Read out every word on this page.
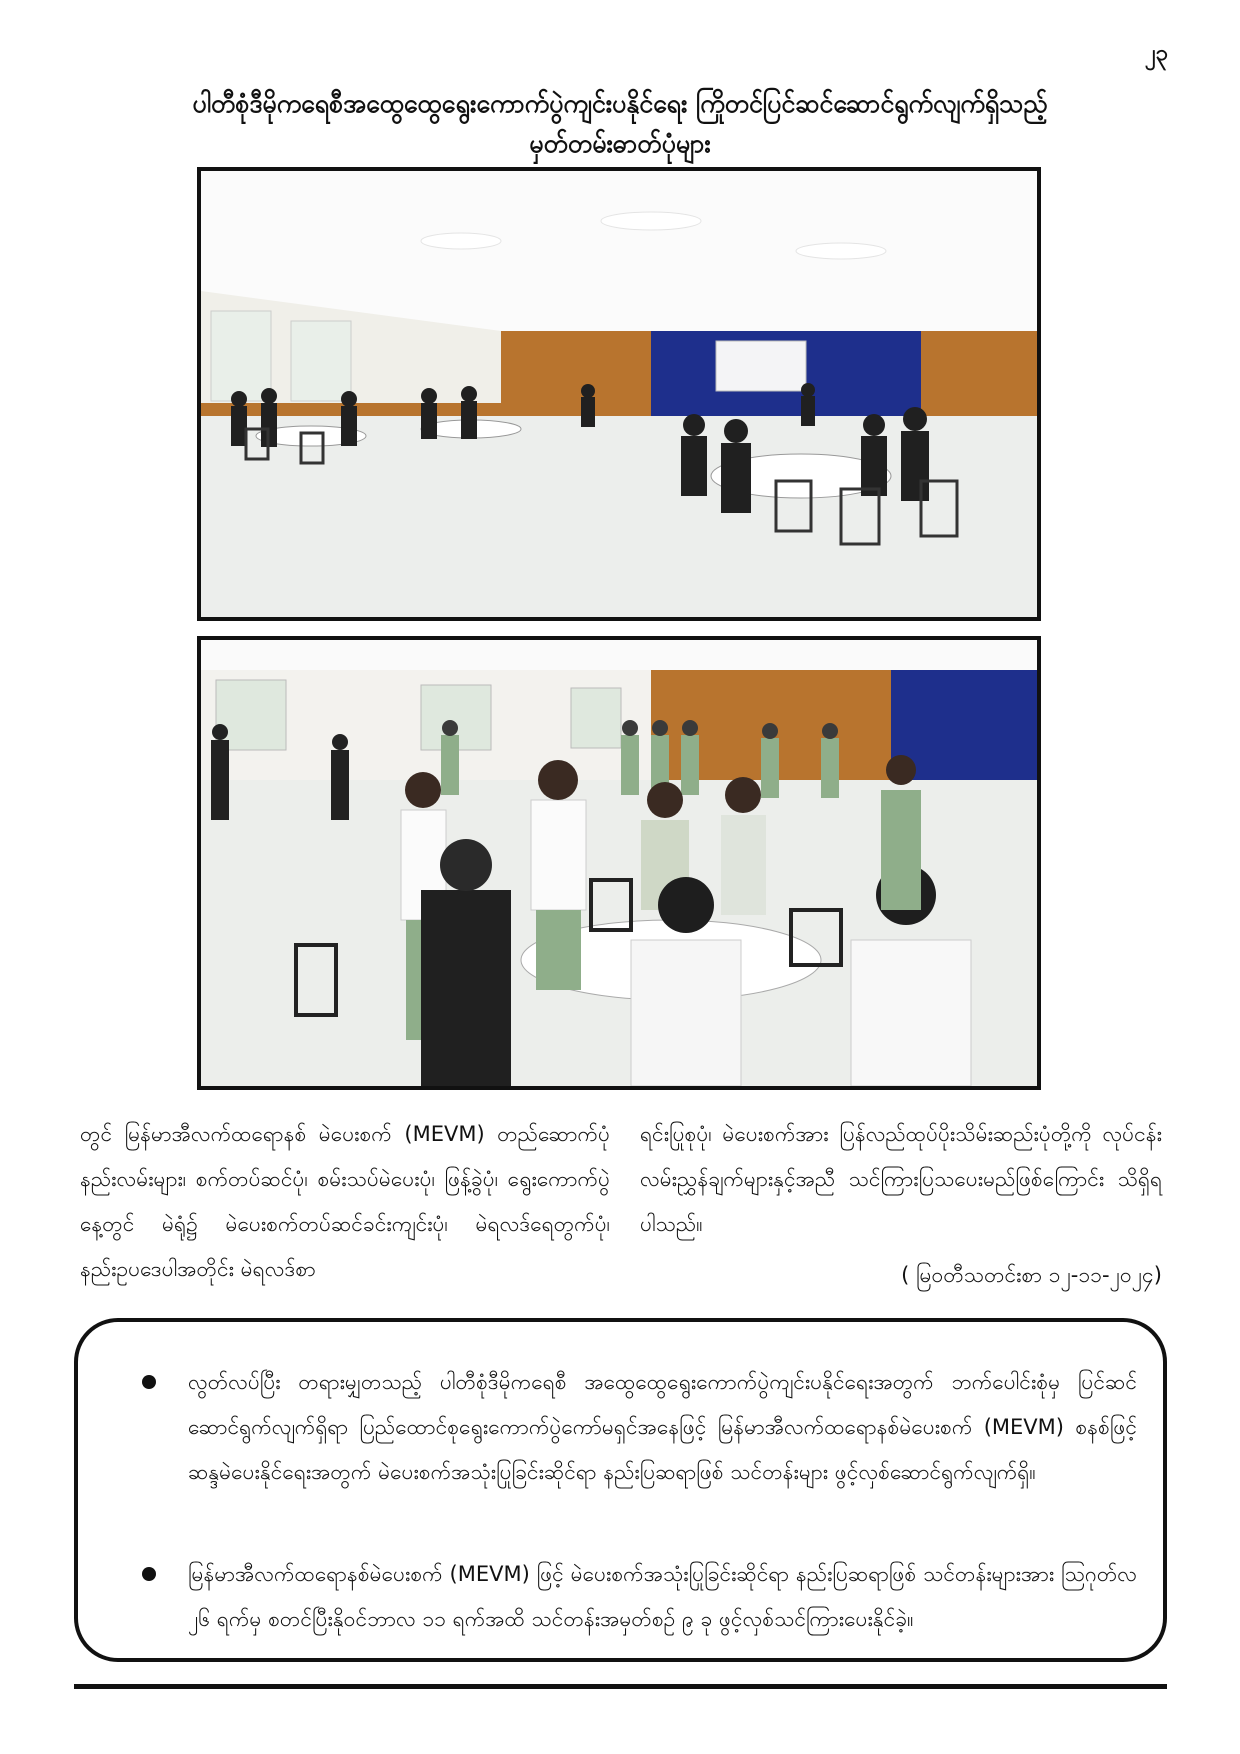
၂၃
ပါတီစုံဒီမိုကရေစီအထွေထွေရွေးကောက်ပွဲကျင်းပနိုင်ရေး ကြိုတင်ပြင်ဆင်ဆောင်ရွက်လျက်ရှိသည့်
မှတ်တမ်းဓာတ်ပုံများ
တွင် မြန်မာအီလက်ထရောနစ် မဲပေးစက် (MEVM) တည်ဆောက်ပုံနည်းလမ်းများ၊ စက်တပ်ဆင်ပုံ၊ စမ်းသပ်မဲပေးပုံ၊ ဖြန့်ခွဲပုံ၊ ရွေးကောက်ပွဲနေ့တွင် မဲရုံ၌ မဲပေးစက်တပ်ဆင်ခင်းကျင်းပုံ၊ မဲရလဒ်ရေတွက်ပုံ၊ နည်းဥပဒေပါအတိုင်း မဲရလဒ်စာ
ရင်းပြုစုပုံ၊ မဲပေးစက်အား ပြန်လည်ထုပ်ပိုးသိမ်းဆည်းပုံတို့ကို လုပ်ငန်းလမ်းညွှန်ချက်များနှင့်အညီ သင်ကြားပြသပေးမည်ဖြစ်ကြောင်း သိရှိရပါသည်။
( မြဝတီသတင်းစာ ၁၂-၁၁-၂၀၂၄)
လွတ်လပ်ပြီး တရားမျှတသည့် ပါတီစုံဒီမိုကရေစီ အထွေထွေရွေးကောက်ပွဲကျင်းပနိုင်ရေးအတွက် ဘက်ပေါင်းစုံမှ ပြင်ဆင်ဆောင်ရွက်လျက်ရှိရာ ပြည်ထောင်စုရွေးကောက်ပွဲကော်မရှင်အနေဖြင့် မြန်မာအီလက်ထရောနစ်မဲပေးစက် (MEVM) စနစ်ဖြင့် ဆန္ဒမဲပေးနိုင်ရေးအတွက် မဲပေးစက်အသုံးပြုခြင်းဆိုင်ရာ နည်းပြဆရာဖြစ် သင်တန်းများ ဖွင့်လှစ်ဆောင်ရွက်လျက်ရှိ။
မြန်မာအီလက်ထရောနစ်မဲပေးစက် (MEVM) ဖြင့် မဲပေးစက်အသုံးပြုခြင်းဆိုင်ရာ နည်းပြဆရာဖြစ် သင်တန်းများအား ဩဂုတ်လ ၂၆ ရက်မှ စတင်ပြီးနိုဝင်ဘာလ ၁၁ ရက်အထိ သင်တန်းအမှတ်စဉ် ၉ ခု ဖွင့်လှစ်သင်ကြားပေးနိုင်ခဲ့။
